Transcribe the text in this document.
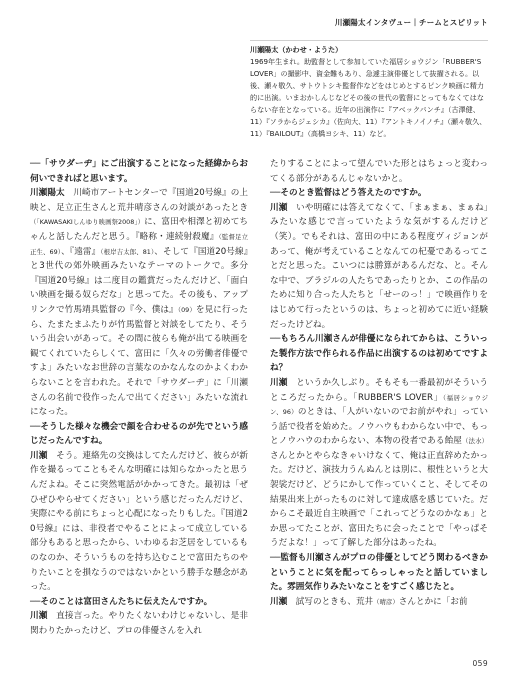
川瀬陽太インタヴュー｜チームとスピリット
川瀬陽太（かわせ・ようた）
1969年生まれ。助監督として参加していた福居ショウジン「RUBBER'S LOVER」の撮影中、資金難もあり、急遽主演俳優として抜擢される。以後、瀬々敬久、サトウトシキ監督作などをはじめとするピンク映画に精力的に出演。いまおかしんじなどその後の世代の監督にとってもなくてはならない存在となっている。近年の出演作に『アベックパンチ』（古澤健、11）『ソラからジェシカ』（佐向大、11）『アントキノイノチ』（瀬々敬久、11）『BAILOUT』（高橋ヨシキ、11）など。

──「サウダーヂ」にご出演することになった経緯からお伺いできればと思います。

川瀬陽太　川崎市アートセンターで『国道20号線』の上映と、足立正生さんと荒井晴彦さんの対談があったとき（「KAWASAKIしんゆり映画祭2008」）に、富田や相澤と初めてちゃんと話したんだと思う。『略称・連続射殺魔』（監督足立正生、69）、『遠雷』（根岸吉太郎、81）、そして『国道20号線』と3世代の郊外映画みたいなテーマのトークで。多分『国道20号線』は二度目の鑑賞だったんだけど、「面白い映画を撮る奴らだな」と思ってた。その後も、アップリンクで竹馬靖具監督の『今、僕は』（09）を見に行ったら、たまたまふたりが竹馬監督と対談をしてたり、そういう出会いがあって。その間に彼らも俺が出てる映画を観てくれていたらしくて、富田に「久々の労働者俳優ですよ」みたいなお世辞の言葉なのかなんなのかよくわからないことを言われた。それで「サウダーヂ」に「川瀬さんの名前で役作ったんで出てください」みたいな流れになった。

──そうした様々な機会で顔を合わせるのが先でという感じだったんですね。

川瀬　そう。連絡先の交換はしてたんだけど、彼らが新作を撮るってこともそんな明確には知らなかったと思うんだよね。そこに突然電話がかかってきた。最初は「ぜひぜひやらせてください」という感じだったんだけど、実際にやる前にちょっと心配になったりもした。『国道20号線』には、非役者でやることによって成立している部分もあると思ったから、いわゆるお芝居をしているものなのか、そういうものを持ち込むことで富田たちのやりたいことを損なうのではないかという勝手な懸念があった。

──そのことは富田さんたちに伝えたんですか。

川瀬　直接言った。やりたくないわけじゃないし、是非関わりたかったけど、プロの俳優さんを入れ

たりすることによって望んでいた形とはちょっと変わってくる部分があるんじゃないかと。

──そのとき監督はどう答えたのですか。

川瀬　いや明確には答えてなくて、「まぁまぁ、まぁね」みたいな感じで言っていたような気がするんだけど（笑）。でもそれは、富田の中にある程度ヴィジョンがあって、俺が考えていることなんての杞憂であるってことだと思った。こいつには勝算があるんだな、と。そんな中で、ブラジルの人たちであったりとか、この作品のために知り合った人たちと「せーのっ！」で映画作りをはじめて行ったというのは、ちょっと初めてに近い経験だったけどね。

──もちろん川瀬さんが俳優になられてからは、こういった製作方法で作られる作品に出演するのは初めてですよね？

川瀬　というか久しぶり。そもそも一番最初がそういうところだったから。「RUBBER'S LOVER」（福居ショウジン、96）のときは、「人がいないのでお前がやれ」っていう話で役者を始めた。ノウハウもわからない中で、もっとノウハウのわからない、本物の役者である飴屋（法水）さんとかとやらなきゃいけなくて、俺は正直辞めたかった。だけど、演技力うんぬんとは別に、根性というと大袈裟だけど、どうにかして作っていくこと、そしてその結果出来上がったものに対して達成感を感じていた。だからこそ最近自主映画で「これってどうなのかなぁ」とか思ってたことが、富田たちに会ったことで「やっぱそうだよな！」って了解した部分はあったね。

──監督も川瀬さんがプロの俳優としてどう関わるべきかということに気を配ってらっしゃったと話していました。雰囲気作りみたいなことをすごく感じたと。

川瀬　試写のときも、荒井（晴彦）さんとかに「お前

059
